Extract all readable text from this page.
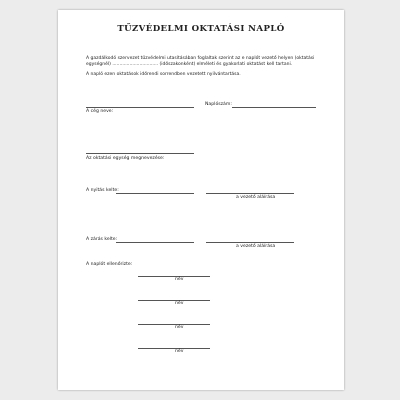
TŰZVÉDELMI OKTATÁSI NAPLÓ
A gazdálkodó szervezet tűzvédelmi utasításában foglaltak szerint az e naplót vezető helyen (oktatási
egységnél) ................................ (időszakonként) elméleti és gyakorlati oktatást kell tartani.
A napló ezen oktatások időrendi sorrendben vezetett nyilvántartása.
Naplószám:
A cég neve:
Az oktatási egység megnevezése:
A nyitás kelte:
a vezető aláírása
A zárás kelte:
a vezető aláírása
A naplót ellenőrizte:
név
név
név
név
